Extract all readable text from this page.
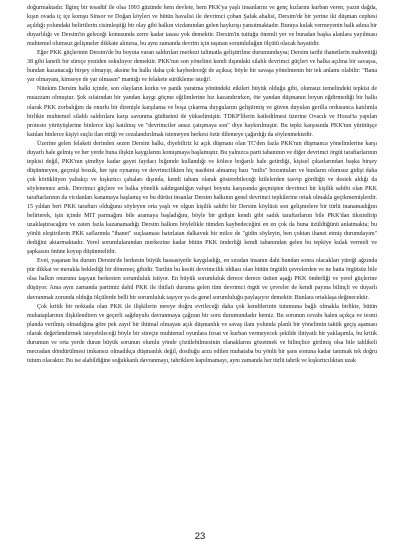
doğurmaktadır. İlginç bir tesadüf ile olsa 1993 güzünde hem devlete, hem PKK'ya yaşlı insanlarını ve genç kızlarını kurban veren, yazın dağda, kışın ovada iç içe komşu Sinsor ve Doğan köyleri ve bütün havalisi ile devrimci çoban Şafak ahalisi, Dersim'de bir yerine iki düşman cephesi açıldığı yolundaki belirtilerin cisimleştiği bir olay gibi halkın vicdanından gelen haykırışı yansıtmaktadır. Buraya kulak vermeyenin halk adına bir duyarlılığı ve Dersim'in geleceği konusunda zerre kadar tasası yok demektir. Dersim'in tuttuğu önemli yer ve buradan başka alanlara yayılması muhtemel olumsuz gelişmeler dikkate alınırsa, bu aynı zamanda devrim için taşınan sorumluluğun ölçütü olacak hayatidir.

Eğer PKK güçlerinin Dersim'de bu boyuta varan saldırıları merkezi talimatla gelişitrilme durumundaysa; Dersim tarihi ihanetlerin mahvettiği 38 gibi lanetli bir süreçe yeniden sokuluyor demektir. PKK'nın son yönelimi kendi dışındaki silahlı devrimci güçleri ve halka açılma bir savaşsa, bundan kazanacağı birşey olmayıp, aksine bu halkı daha çok kaybedeceği de açıksa; böyle bir savaşa yönelmenin bir tek anlamı olabilir: "Bana yar olmayanı, kimseye de yar olmasın" mantığı ve felakete sürükleme isteği!.

Nitekim Dersim halkı içinde, son olayların korku ve panik yaratma yönündeki etkileri büyük olduğu gibi, olumsuz temelindeki tepkisi de muazzam olmuştur. Şok sıfatından bir yandan kaygı göçme eğilimlerine hız kazandırırken, öte yandan düşmanın boyun eğdirmediği bir halkı olarak PKK zorbalığını da onurlu bir direnişle karşılama ve boşa çıkarma duygularını geliştirmiş ve güven duyulan gerilla ordusunca katılımla birlikte muhtemel silahlı saldırılara karşı savunma güdüsünü de yükseltmiştir. TDKP'lilerin katledilmesi üzerine Ovacık ve Hozat'ta yapılan protesto yürüyüşlerine binlerce kişi katılmış ve "devrimciler ansız çatışmaya son" diye haykırılmıştır. Bu tepki karşısında PKK'nın yürütüşçe katılan binlerce kişiyi suçlu ilan ettiği ve cezalandırılmak istemeyen herkesi özür dilemeye çağırdığı da söylenmektedir.

Üzerine gelen felaketi derinden sezen Dersim halkı, diyebiliriz ki açık düşmanı olan TC'den fazla PKK'nın düşmanca yönelimlerine karşı duyarlı hale gelmiş ve her yerde buna ilişkin kaygılarını konuşmaya başlamıştır. Bu yalnızca parti tabanının ve diğer devrimci örgüt taraftarlarının tepkisi değil, PKK'nın şimdiye kadar gayet faydacı bığımde kullandığı ve kölece boğarılı hale getirdiği, kişisel çıkarlarından başka birşey düşünmeyen, geçmişi bozuk, her işte oynamış ve devrimcilikten hiç nasibini almamış bazı "milis" bozuntuları ve bunların olumsuz gidişi daha çok körüklüyen yaltakçı ve kışkırtıcı çabaları dışında, kendi tabanı olarak gösterebileceği kitlelerden tasvip gördüğü ve destek aldığı da söylenemez artık. Devrimci güçlere ve halka yönelik saldırganlığın vahşet boyutu karşısında geçmişten devrimci bir kişilik sahibi olan PKK taraftarlarının da vicdanları kanamaya başlamış ve bu dürüst insanlar Dersim halkının genel devrimci tepkilerine ortak olmakla geçikmemişlerdir. 15 yıldan beri PKK taraftarı olduğunu söyleyen orta yaşlı ve olgun kişilik sahibi bir Dersim köylüsü son gelişmelere bir türlü inanamadığını belirterek, işin içinde MIT parmağını bile aramaya başladığını, böyle bir gidişin kendi gibi sadık taraftarlarını bile PKK'dan tiksindirip uzaklaştıracağını ve zaten fazla kazanamadığı Dersim halkını böylelikle tümden kaybedeceğini en en çok da buna üzüldüğünü anlatmakta; bu yönlü eleştirilerin PKK saflarında "ihanet" suçlaaması hatırlatan dalkavuk bir milce de "gidin söyleyin, ben çoktan ihanet etmiş durumdayım" dediğini aktarmaktadır. Yerel sorumlulanından merkezine kadar bütün PKK önderliği kendi tabanından gelen bu tepkiye kulak vermeli ve şapkasını önüne koyup düşünmelidir.

Evet, yaşanan bu durum Dersim'de herkesin büyük hassasiyetle kaygıladığı, en sıradan insanın dahi bundan sonra olacakları yüreği ağzında pür dikkat ve merakla beklediği bir dönemeç gibidir. Tarihin bu kesiti devrimcilik iddiası olan bütün örgütlü çevrelerden ve ne hatta örgütsüz bile olsa halkın onurunu taşıyan herkesten sorumluluk istiyor. En büyük sorumluluk derece derece üstten aşağı PKK önderliği ve yerel güçlerine düşüyor. Ama aynı zamanda partimiz dahil PKK ile ihtilafı duruma gelen tüm devrimci örgüt ve çevreler de kendi payına bilinçli ve duyarlı davranmak zorunda olduğu ölçülerde belli bir sorumluluk taşıyor ya da genel sorumluluğu paylaşıyor demektir. Bunlara ortaklaşa değinecektir.

Çok kritik bir noktada olan PKK ile ilişkilerin nereye doğru evrileceği daha çok kendilerinin tutumuna bağlı olmakla birlikte, bütün muhataplarının ilişkilendiren ve geçerli sağduyulu davranmaya çağıran bir soru durumundadır hemiz. Bu sorunun cevabı halen açıkça ve tesmi planda verilmiş olmadığına göre pek zayıf bir ihtimal olmayan açık düşmanlık ve savaş ilanı yolunda planlı bir yönelimin taktik geçiş aşaması olarak değerlendirmek isteyebileceği böyle bir süreçte muhtemel oyunlara fırsat ve kurban vermeyecek şekilde ihtiyatlı bir yaklaşımla, bu kritik durumun ve orta yerde duran büyük sorunun olumlu yönde çözülebilmesinin olanaklarını gözetmek ve bilinçlice girilmiş olsa bile tahlikeli mecradan döndürülmesi imkansız olmadıkça düşmanlık değil, dostluğu arzu edilen muhataba bu yönlü bir şans sonuna kadar tanımak tek doğru tutum olacaktır. Bu ise alabildiğine soğukkanlı davranmayı, tahriklere kapılmamayı, aynı zamanda her türlü tahrik ve kışkırtıcılıktan uzak

23
